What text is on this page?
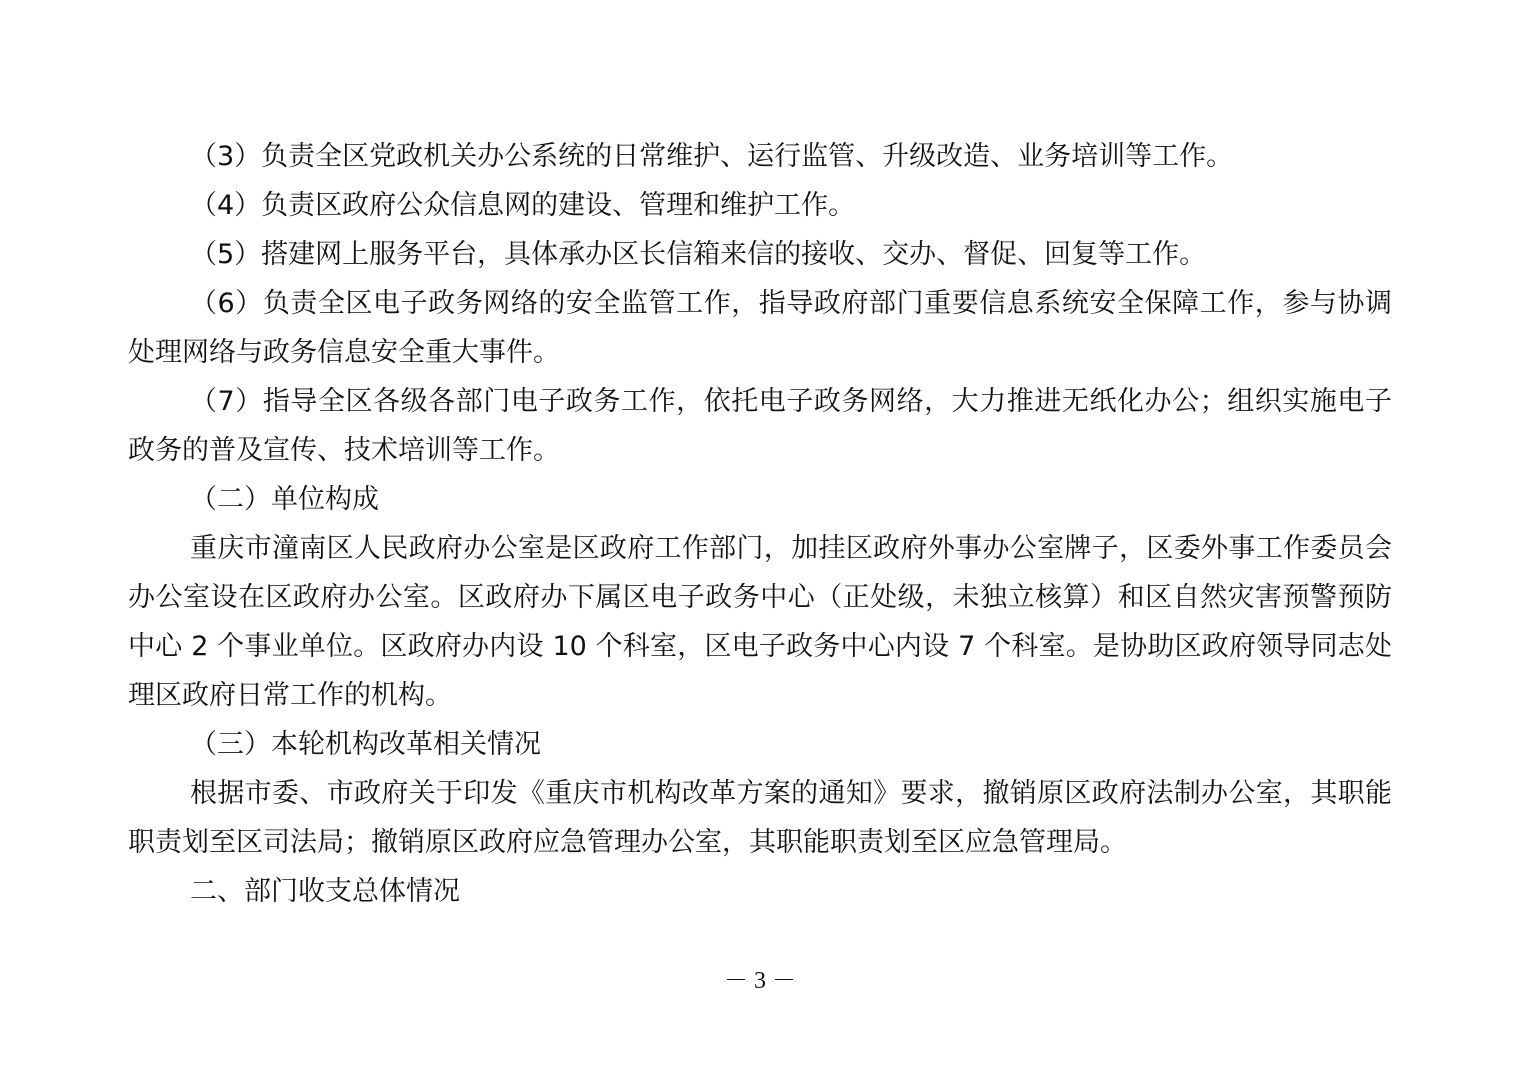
（3）负责全区党政机关办公系统的日常维护、运行监管、升级改造、业务培训等工作。

（4）负责区政府公众信息网的建设、管理和维护工作。

（5）搭建网上服务平台，具体承办区长信箱来信的接收、交办、督促、回复等工作。

（6）负责全区电子政务网络的安全监管工作，指导政府部门重要信息系统安全保障工作，参与协调处理网络与政务信息安全重大事件。

（7）指导全区各级各部门电子政务工作，依托电子政务网络，大力推进无纸化办公；组织实施电子政务的普及宣传、技术培训等工作。

（二）单位构成

重庆市潼南区人民政府办公室是区政府工作部门，加挂区政府外事办公室牌子，区委外事工作委员会办公室设在区政府办公室。区政府办下属区电子政务中心（正处级，未独立核算）和区自然灾害预警预防中心 2 个事业单位。区政府办内设 10 个科室，区电子政务中心内设 7 个科室。是协助区政府领导同志处理区政府日常工作的机构。

（三）本轮机构改革相关情况

根据市委、市政府关于印发《重庆市机构改革方案的通知》要求，撤销原区政府法制办公室，其职能职责划至区司法局；撤销原区政府应急管理办公室，其职能职责划至区应急管理局。

二、部门收支总体情况

－ 3 －
